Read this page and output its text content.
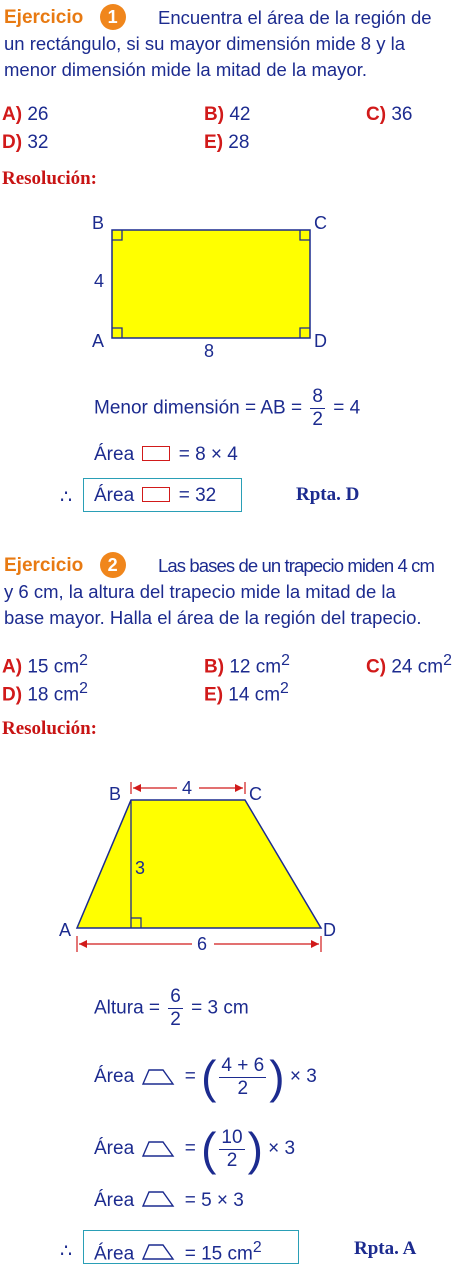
Ejercicio 1	Encuentra el área de la región de
un rectángulo, si su mayor dimensión mide 8 y la
menor dimensión mide la mitad de la mayor.
A) 26	B) 42	C) 36
D) 32	E) 28
Resolución:
B	C
A	D
4
8
Menor dimensión = AB = $\frac{8}{2} = 4$
Área = 8 × 4
∴	Área = 32	Rpta. D
Ejercicio 2	Las bases de un trapecio miden 4 cm
y 6 cm, la altura del trapecio mide la mitad de la
base mayor. Halla el área de la región del trapecio.
A) 15 $cm^2$	B) 12 $cm^2$	C) 24 $cm^2$
D) 18 $cm^2$	E) 14 $cm^2$
Resolución:
4
6
3
B	C
A	D
Altura = $\frac{6}{2} = 3$ cm
Área	= ( $\frac{4 + 6}{2}$ ) × 3
Área	= ( $\frac{10}{2}$ ) × 3
Área	= 5 × 3
∴	Área	= 15 $cm^2$	Rpta. A
